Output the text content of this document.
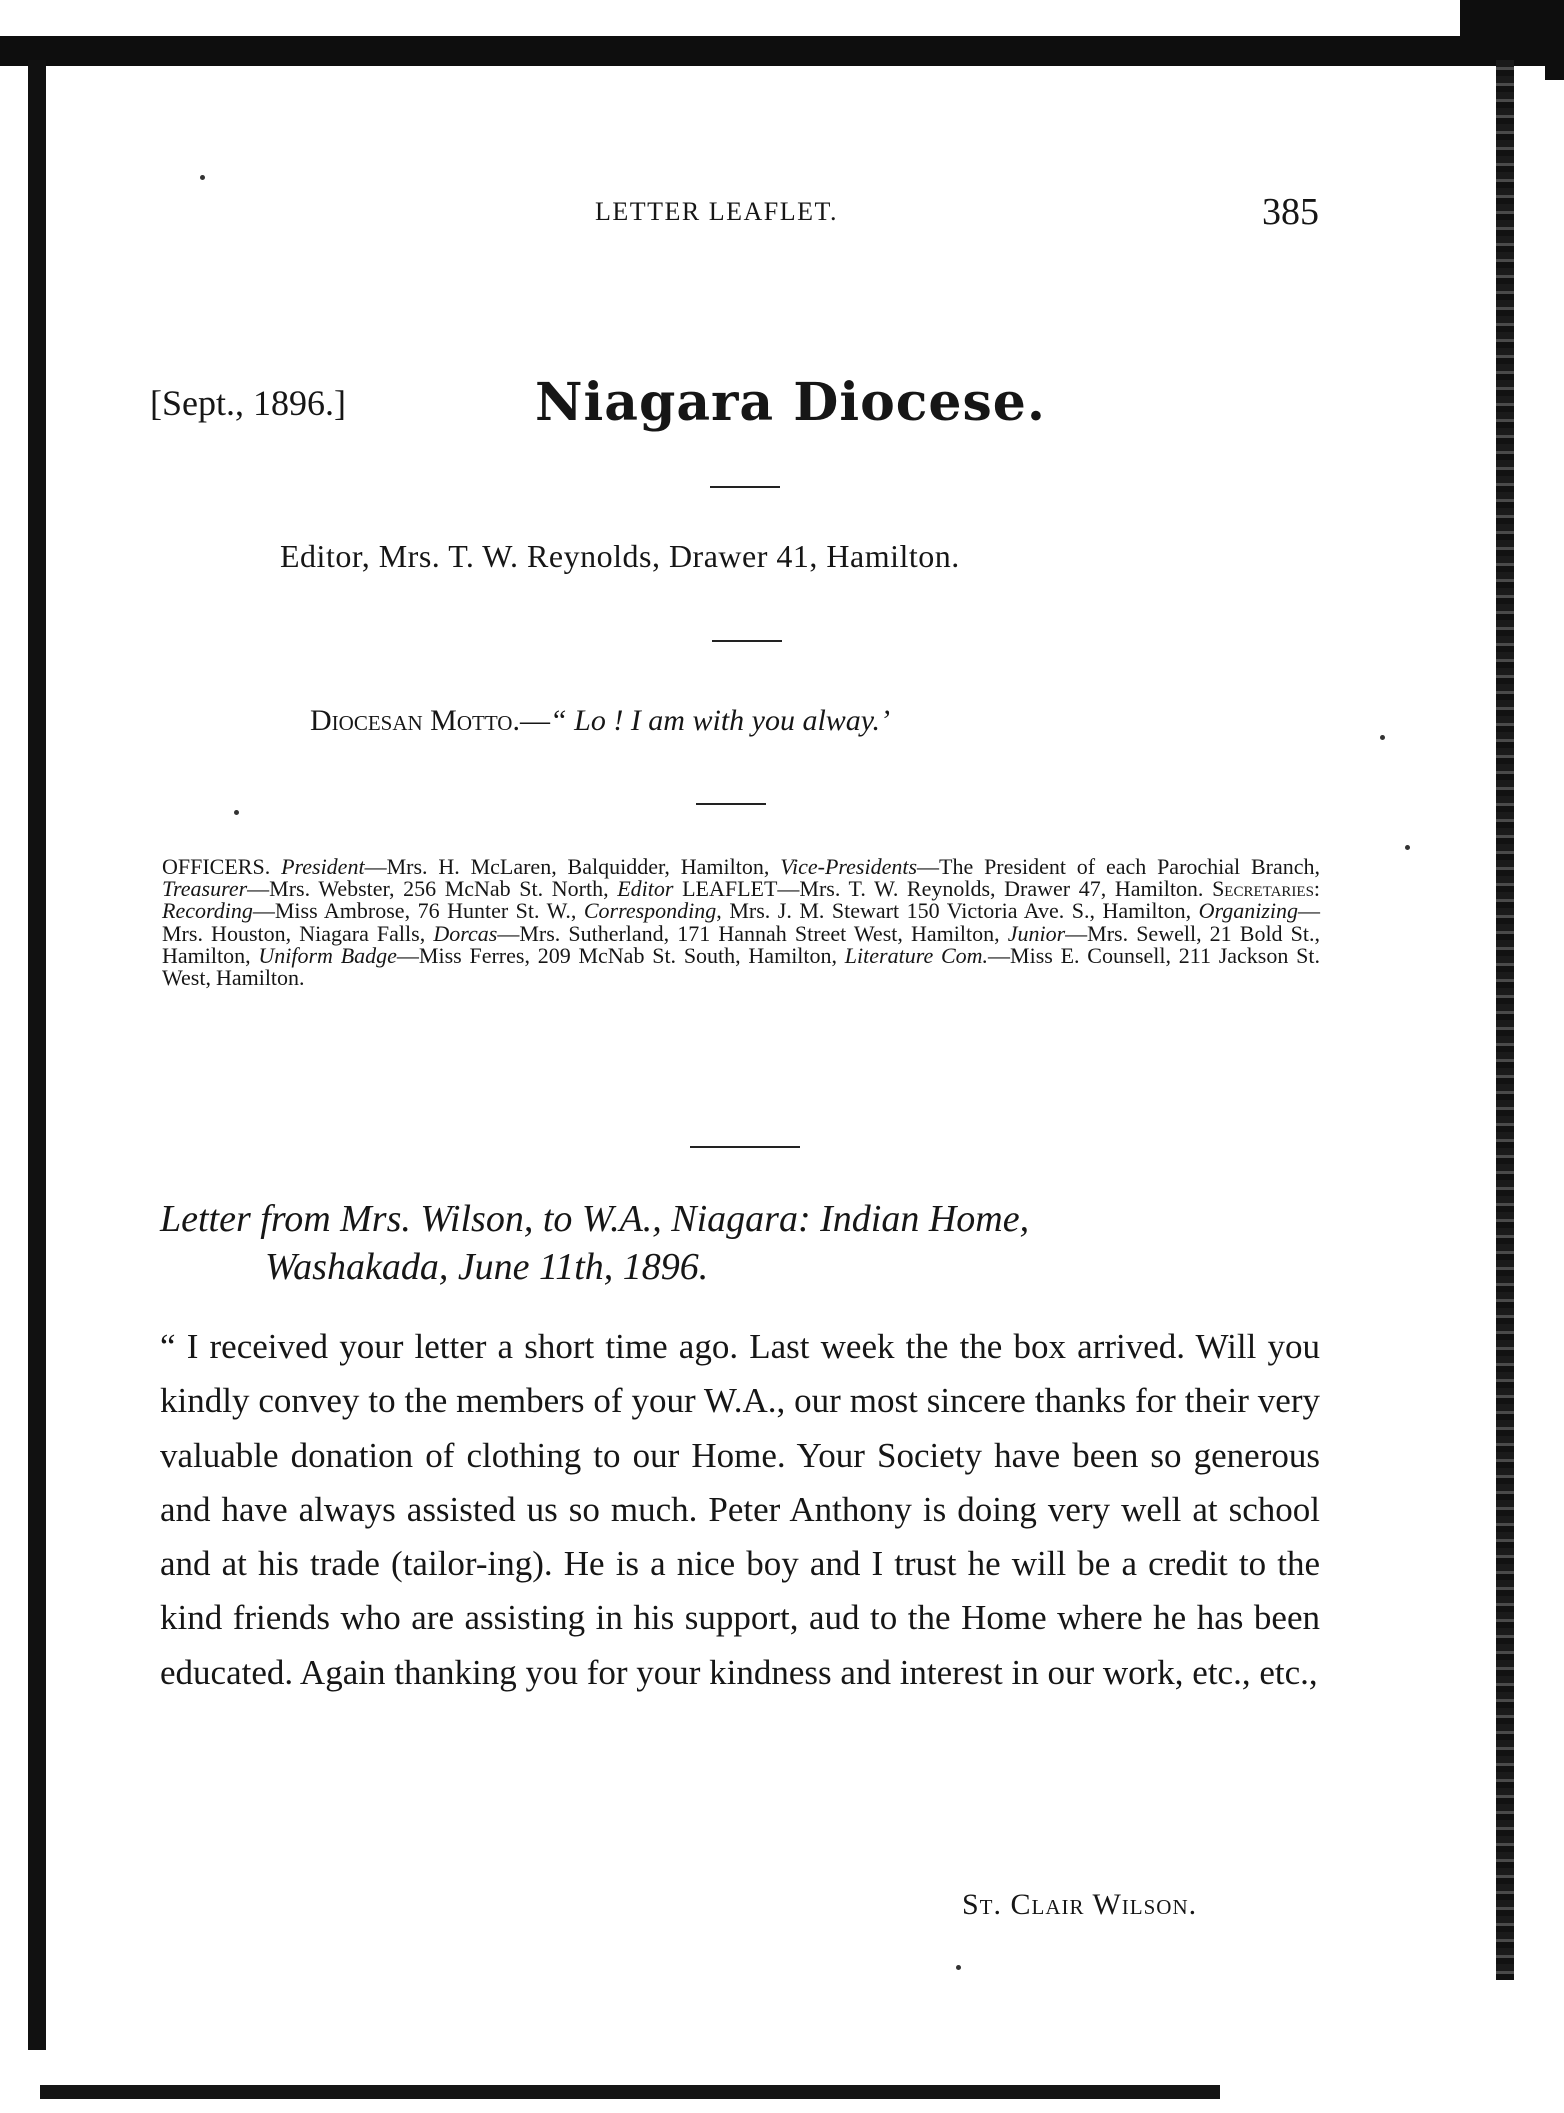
LETTER LEAFLET.	385
[Sept., 1896.]	Niagara Diocese.
Editor, Mrs. T. W. Reynolds, Drawer 41, Hamilton.
Diocesan Motto.—“ Lo ! I am with you alway.’
OFFICERS. President—Mrs. H. McLaren, Balquidder, Hamilton, Vice-Presidents—The President of each Parochial Branch, Treasurer—Mrs. Webster, 256 McNab St. North, Editor LEAFLET—Mrs. T. W. Reynolds, Drawer 47, Hamilton. Secretaries: Recording—Miss Ambrose, 76 Hunter St. W., Corresponding, Mrs. J. M. Stewart 150 Victoria Ave. S., Hamilton, Organizing—Mrs. Houston, Niagara Falls, Dorcas—Mrs. Sutherland, 171 Hannah Street West, Hamilton, Junior—Mrs. Sewell, 21 Bold St., Hamilton, Uniform Badge—Miss Ferres, 209 McNab St. South, Hamilton, Literature Com.—Miss E. Counsell, 211 Jackson St. West, Hamilton.
Letter from Mrs. Wilson, to W.A., Niagara: Indian Home,
Washakada, June 11th, 1896.
“ I received your letter a short time ago. Last week the the box arrived. Will you kindly convey to the members of your W.A., our most sincere thanks for their very valuable donation of clothing to our Home. Your Society have been so generous and have always assisted us so much. Peter Anthony is doing very well at school and at his trade (tailor-ing). He is a nice boy and I trust he will be a credit to the kind friends who are assisting in his support, aud to the Home where he has been educated. Again thanking you for your kindness and interest in our work, etc., etc.,
St. Clair Wilson.
